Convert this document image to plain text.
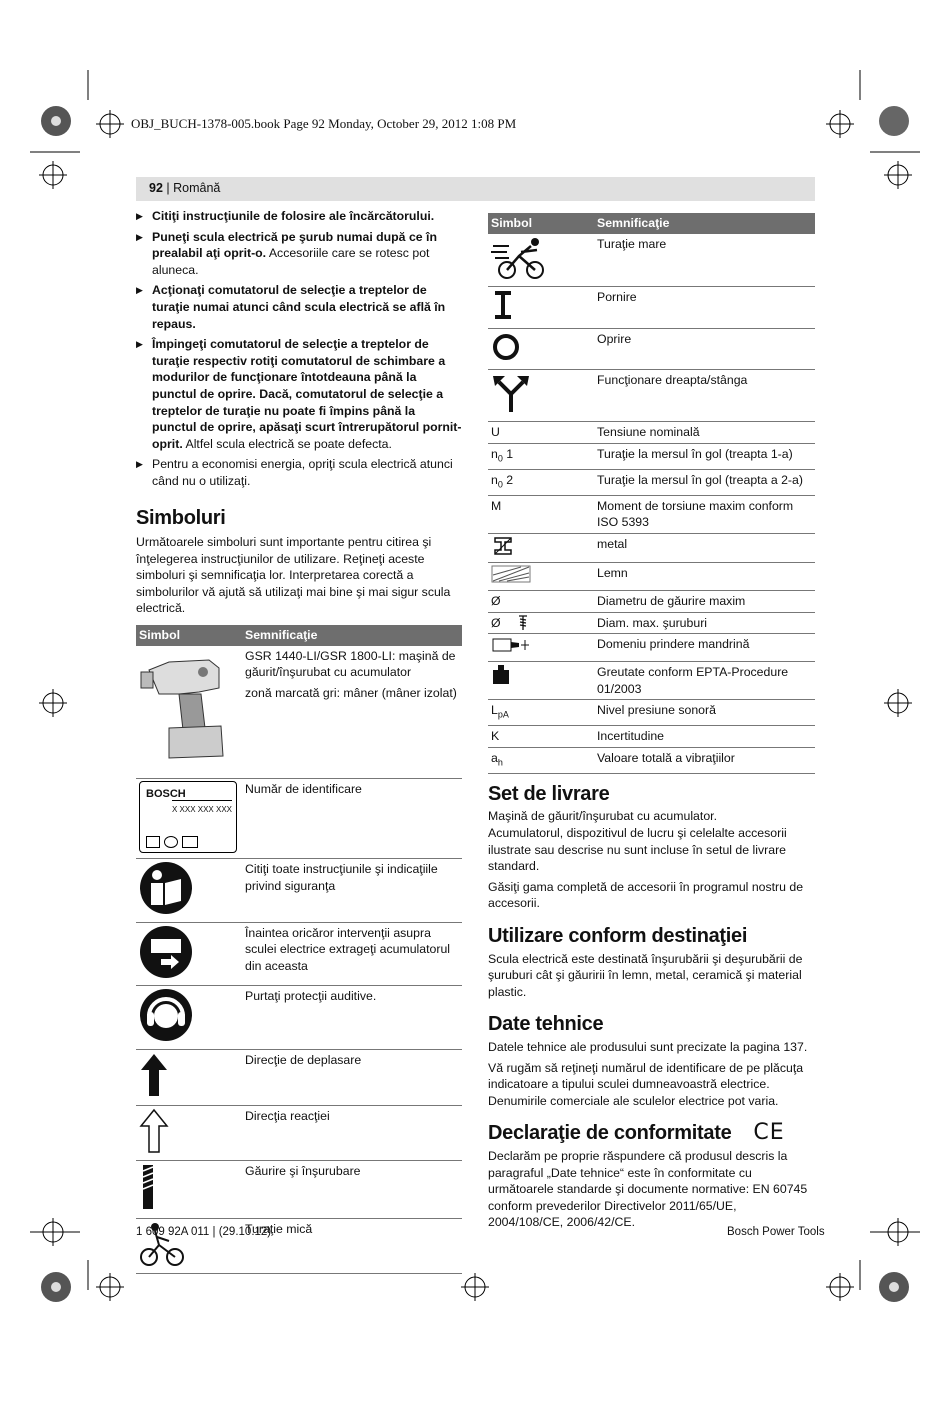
OBJ_BUCH-1378-005.book Page 92 Monday, October 29, 2012 1:08 PM
92 | Română

▶ Citiţi instrucţiunile de folosire ale încărcătorului.

▶ Puneţi scula electrică pe şurub numai după ce în prealabil aţi oprit-o. Accesoriile care se rotesc pot aluneca.

▶ Acţionaţi comutatorul de selecţie a treptelor de turaţie numai atunci când scula electrică se află în repaus.

▶ Împingeţi comutatorul de selecţie a treptelor de turaţie respectiv rotiţi comutatorul de schimbare a modurilor de funcţionare întotdeauna până la punctul de oprire. Dacă, comutatorul de selecţie a treptelor de turaţie nu poate fi împins până la punctul de oprire, apăsaţi scurt întrerupătorul pornit-oprit. Altfel scula electrică se poate defecta.

▶ Pentru a economisi energia, opriţi scula electrică atunci când nu o utilizaţi.

Simboluri

Următoarele simboluri sunt importante pentru citirea şi înţelegerea instrucţiunilor de utilizare. Reţineţi aceste simboluri şi semnificaţia lor. Interpretarea corectă a simbolurilor vă ajută să utilizaţi mai bine şi mai sigur scula electrică.

Simbol	Semnificaţie

GSR 1440-LI/GSR 1800-LI: maşină de găurit/înşurubat cu acumulator
zonă marcată gri: mâner (mâner izolat)

BOSCH
X XXX XXX XXX	Număr de identificare
	Citiţi toate instrucţiunile şi indicaţiile privind siguranţa
	Înaintea oricăror intervenţii asupra sculei electrice extrageţi acumulatorul din aceasta
	Purtaţi protecţii auditive.
	Direcţie de deplasare
	Direcţia reacţiei
	Găurire şi înşurubare
	Turaţie mică
Simbol	Semnificaţie
	Turaţie mare
	Pornire
	Oprire
	Funcţionare dreapta/stânga
U	Tensiune nominală
$n_0$ 1	Turaţie la mersul în gol (treapta 1-a)
$n_0$ 2	Turaţie la mersul în gol (treapta a 2-a)
M	Moment de torsiune maxim conform ISO 5393
	metal
	Lemn
Ø	Diametru de găurire maxim
Ø	Diam. max. şuruburi
	Domeniu prindere mandrină
	Greutate conform EPTA-Procedure 01/2003
$L_{pA}$	Nivel presiune sonoră
K	Incertitudine
$a_h$	Valoare totală a vibraţiilor
Set de livrare

Maşină de găurit/înşurubat cu acumulator.

Acumulatorul, dispozitivul de lucru şi celelalte accesorii ilustrate sau descrise nu sunt incluse în setul de livrare standard.

Găsiţi gama completă de accesorii în programul nostru de accesorii.

Utilizare conform destinaţiei

Scula electrică este destinată înşurubării şi deşurubării de şuruburi cât şi găuririi în lemn, metal, ceramică şi material plastic.

Date tehnice

Datele tehnice ale produsului sunt precizate la pagina 137.

Vă rugăm să reţineţi numărul de identificare de pe plăcuţa indicatoare a tipului sculei dumneavoastră electrice. Denumirile comerciale ale sculelor electrice pot varia.

Declaraţie de conformitate CE

Declarăm pe proprie răspundere că produsul descris la paragraful „Date tehnice“ este în conformitate cu următoarele standarde şi documente normative: EN 60745 conform prevederilor Directivelor 2011/65/UE, 2004/108/CE, 2006/42/CE.

1 609 92A 011 | (29.10.12)	Bosch Power Tools
